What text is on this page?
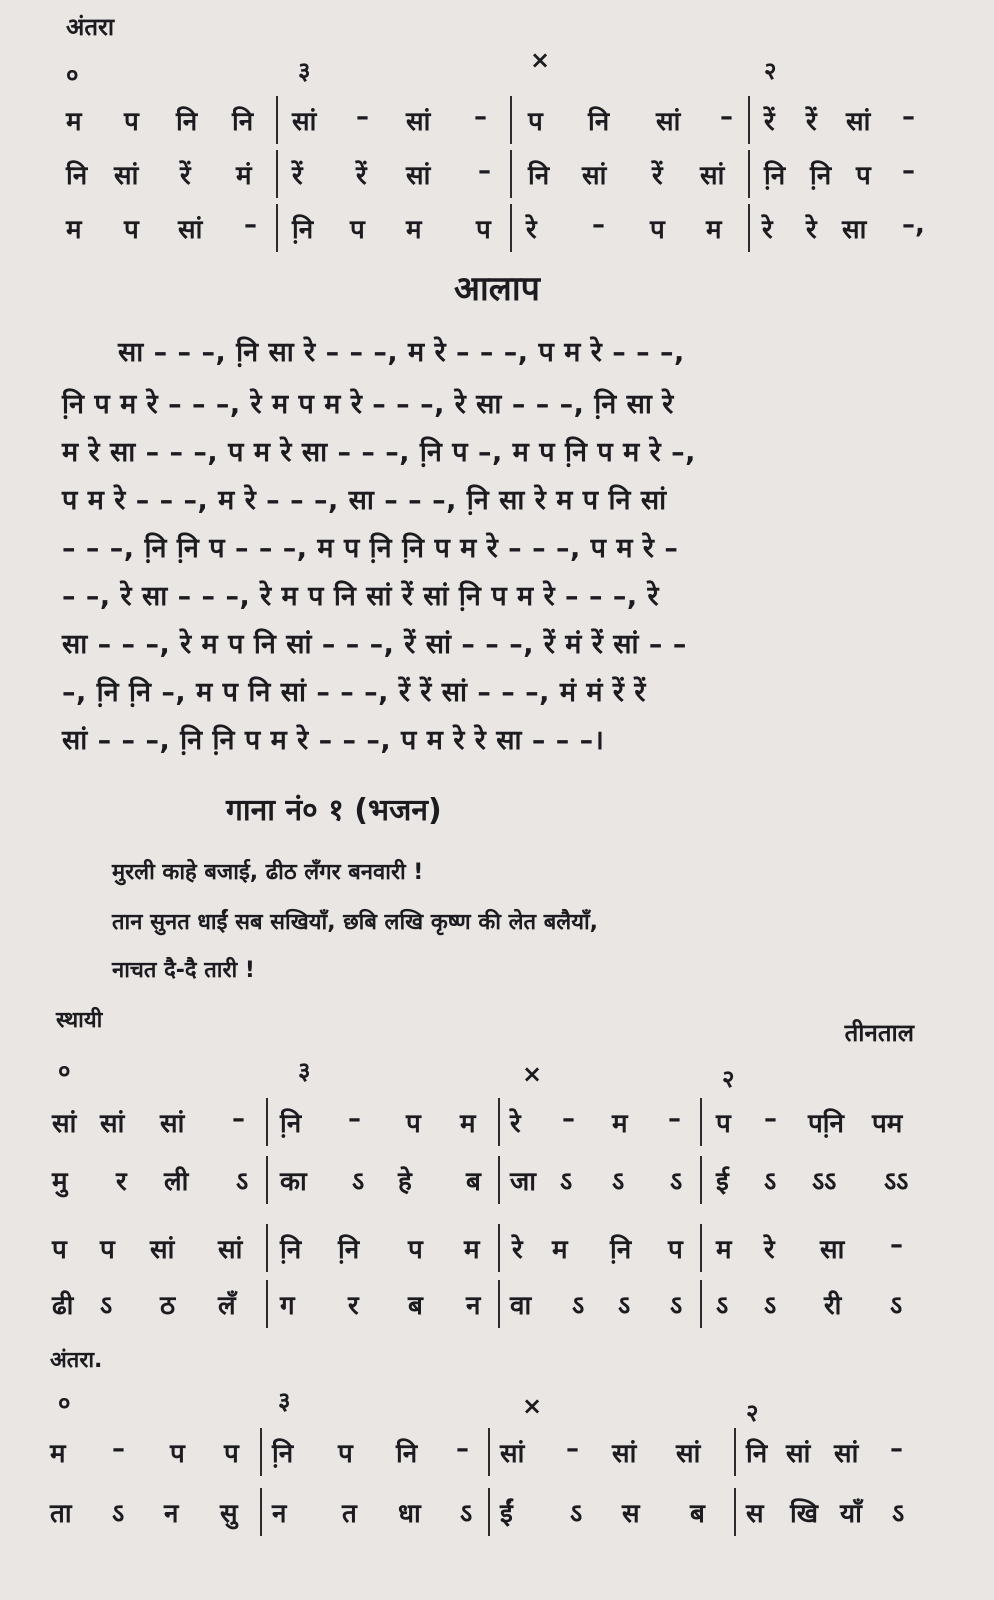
अंतरा
०	३	×	२
म प नि नि सां – सां – प नि सां – रें रें सां –
नि सां रें मं रें रें सां – नि सां रें सां नि़ नि़ प –
म प सां – नि़ प म प रे – प म रे रे सा –,
आलाप
सा – – –, नि़ सा रे – – –, म रे – – –, प म रे – – –,
नि़ प म रे – – –, रे म प म रे – – –, रे सा – – –, नि़ सा रे
म रे सा – – –, प म रे सा – – –, नि़ प –, म प नि़ प म रे –,
प म रे – – –, म रे – – –, सा – – –, नि़ सा रे म प नि सां
– – –, नि़ नि़ प – – –, म प नि़ नि़ प म रे – – –, प म रे –
– –, रे सा – – –, रे म प नि सां रें सां नि़ प म रे – – –, रे
सा – – –, रे म प नि सां – – –, रें सां – – –, रें मं रें सां – –
–, नि़ नि़ –, म प नि सां – – –, रें रें सां – – –, मं मं रें रें
सां – – –, नि़ नि़ प म रे – – –, प म रे रे सा – – –।
गाना नं० १ (भजन)
मुरली काहे बजाई, ढीठ लँगर बनवारी !
तान सुनत धाईं सब सखियाँ, छबि लखि कृष्ण की लेत बलैयाँ,
नाचत दै-दै तारी !
स्थायी	तीनताल
०	३	×	२
सां सां सां – नि़ – प म रे – म – प – पनि़ पम
मु र ली ऽ का ऽ हे ब जा ऽ ऽ ऽ ई ऽ ऽऽ ऽऽ
प प सां सां नि़ नि़ प म रे म नि़ प म रे सा –
ढी ऽ ठ लँ ग र ब न वा ऽ ऽ ऽ ऽ ऽ री ऽ
अंतरा.
०	३	×	२
म – प प नि़ प नि – सां – सां सां नि सां सां –
ता ऽ न सु न त धा ऽ ईं ऽ स ब स खि याँ ऽ
